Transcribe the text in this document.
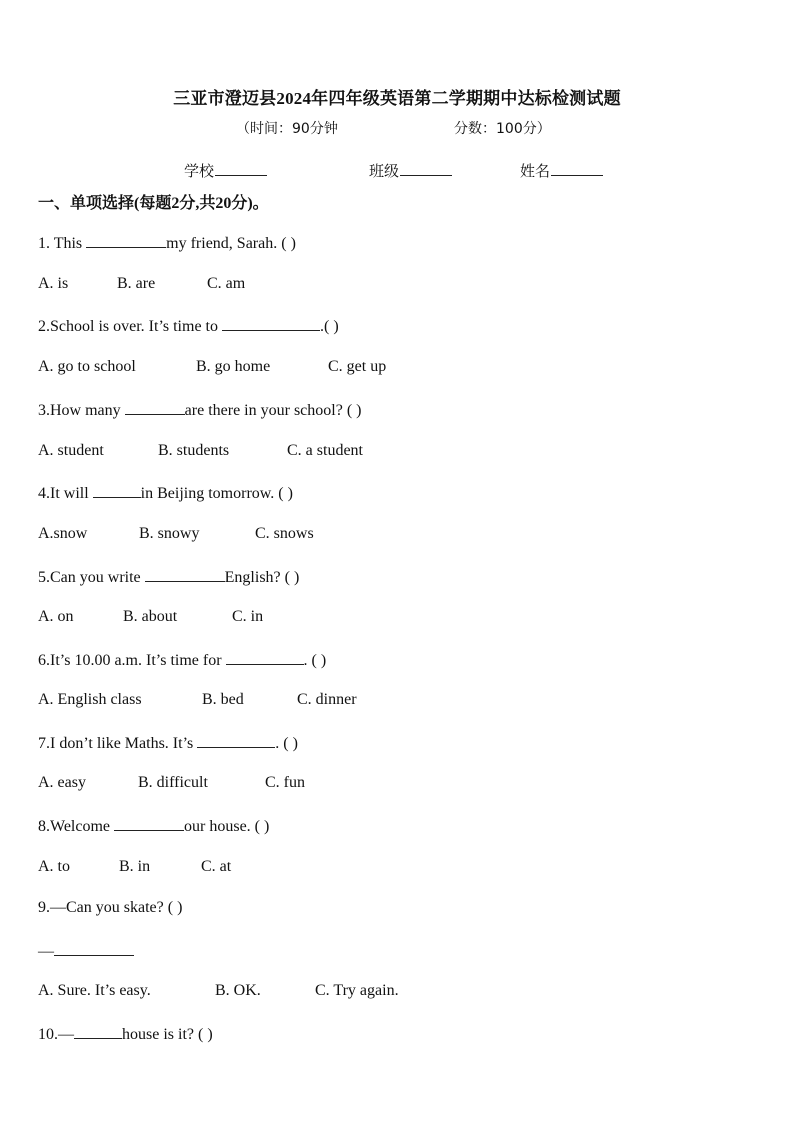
三亚市澄迈县2024年四年级英语第二学期期中达标检测试题
（时间：90分钟	分数：100分）
学校	班级	姓名
一、单项选择(每题2分,共20分)。
1. This	my friend, Sarah. ( )
A. is	B. are	C. am
2.School is over. It’s time to	.( )
A. go to school	B. go home	C. get up
3.How many	are there in your school? ( )
A. student	B. students	C. a student
4.It will	in Beijing tomorrow. ( )
A.snow	B. snowy	C. snows
5.Can you write	English? ( )
A. on	B. about	C. in
6.It’s 10.00 a.m. It’s time for	. ( )
A. English class	B. bed	C. dinner
7.I don’t like Maths. It’s	. ( )
A. easy	B. difficult	C. fun
8.Welcome	our house. ( )
A. to	B. in	C. at
9.—Can you skate? ( )
—
A. Sure. It’s easy.	B. OK.	C. Try again.
10.—	house is it? ( )
